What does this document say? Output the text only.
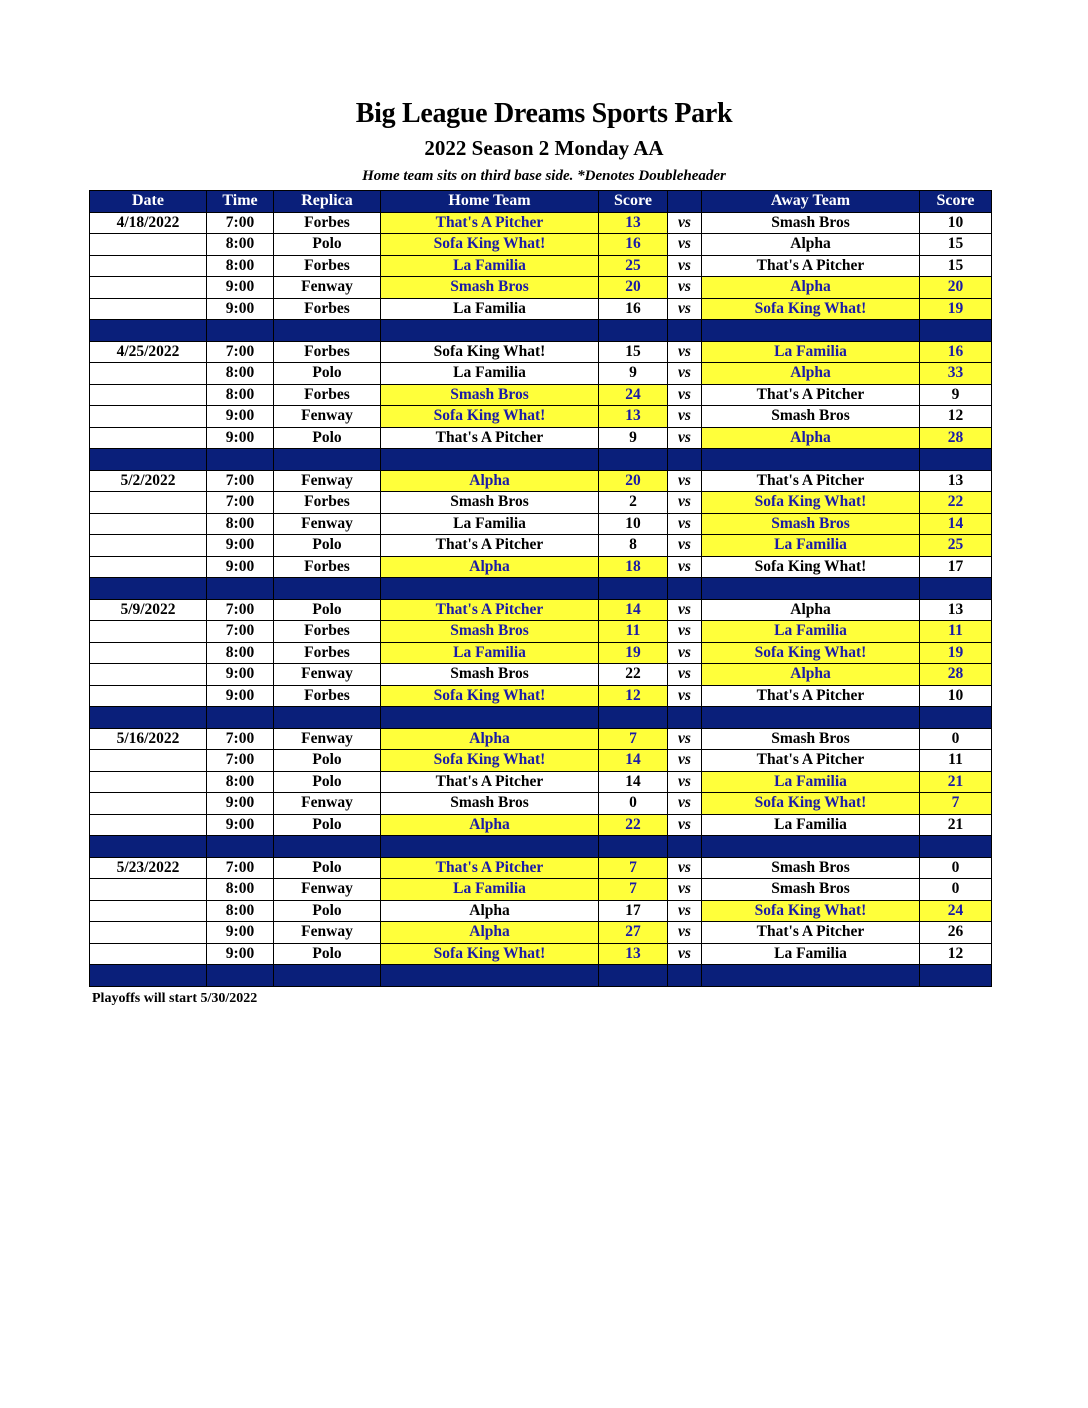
Big League Dreams Sports Park
2022 Season 2 Monday AA
Home team sits on third base side. *Denotes Doubleheader
Date	Time	Replica	Home Team	Score		Away Team	Score
4/18/2022	7:00	Forbes	That's A Pitcher	13	vs	Smash Bros	10
	8:00	Polo	Sofa King What!	16	vs	Alpha	15
	8:00	Forbes	La Familia	25	vs	That's A Pitcher	15
	9:00	Fenway	Smash Bros	20	vs	Alpha	20
	9:00	Forbes	La Familia	16	vs	Sofa King What!	19

4/25/2022	7:00	Forbes	Sofa King What!	15	vs	La Familia	16
	8:00	Polo	La Familia	9	vs	Alpha	33
	8:00	Forbes	Smash Bros	24	vs	That's A Pitcher	9
	9:00	Fenway	Sofa King What!	13	vs	Smash Bros	12
	9:00	Polo	That's A Pitcher	9	vs	Alpha	28

5/2/2022	7:00	Fenway	Alpha	20	vs	That's A Pitcher	13
	7:00	Forbes	Smash Bros	2	vs	Sofa King What!	22
	8:00	Fenway	La Familia	10	vs	Smash Bros	14
	9:00	Polo	That's A Pitcher	8	vs	La Familia	25
	9:00	Forbes	Alpha	18	vs	Sofa King What!	17

5/9/2022	7:00	Polo	That's A Pitcher	14	vs	Alpha	13
	7:00	Forbes	Smash Bros	11	vs	La Familia	11
	8:00	Forbes	La Familia	19	vs	Sofa King What!	19
	9:00	Fenway	Smash Bros	22	vs	Alpha	28
	9:00	Forbes	Sofa King What!	12	vs	That's A Pitcher	10

5/16/2022	7:00	Fenway	Alpha	7	vs	Smash Bros	0
	7:00	Polo	Sofa King What!	14	vs	That's A Pitcher	11
	8:00	Polo	That's A Pitcher	14	vs	La Familia	21
	9:00	Fenway	Smash Bros	0	vs	Sofa King What!	7
	9:00	Polo	Alpha	22	vs	La Familia	21

5/23/2022	7:00	Polo	That's A Pitcher	7	vs	Smash Bros	0
	8:00	Fenway	La Familia	7	vs	Smash Bros	0
	8:00	Polo	Alpha	17	vs	Sofa King What!	24
	9:00	Fenway	Alpha	27	vs	That's A Pitcher	26
	9:00	Polo	Sofa King What!	13	vs	La Familia	12

Playoffs will start 5/30/2022
